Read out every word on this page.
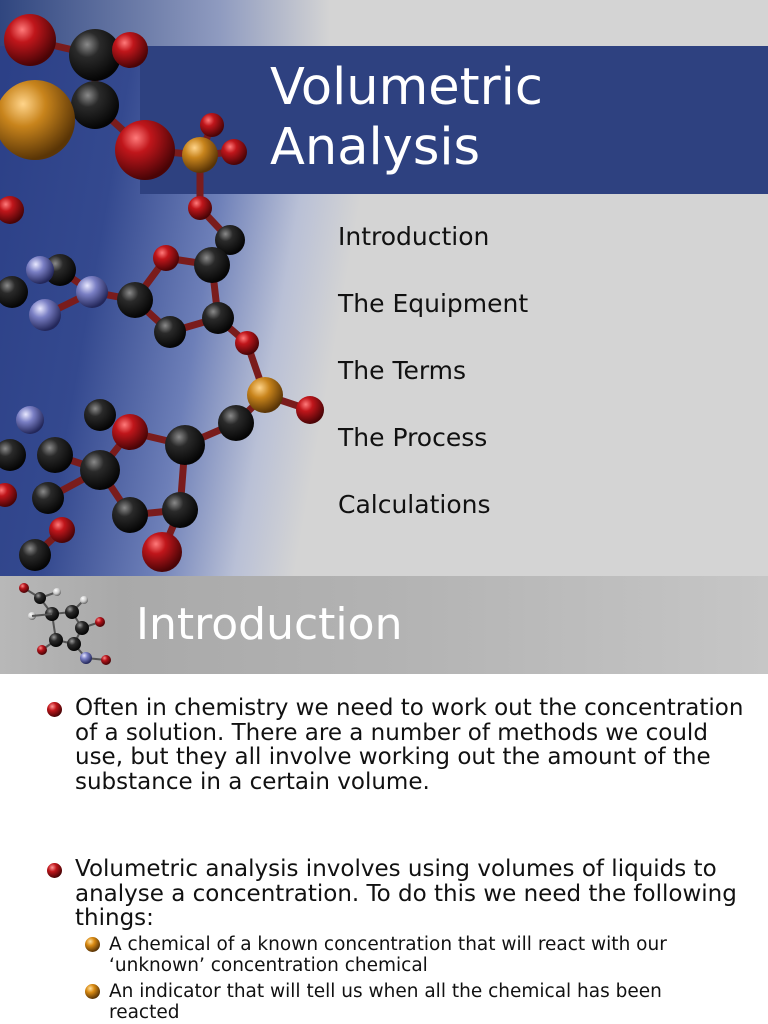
Volumetric
Analysis
Introduction
The Equipment
The Terms
The Process
Calculations
Introduction
Often in chemistry we need to work out the concentration of a solution. There are a number of methods we could use, but they all involve working out the amount of the substance in a certain volume.
Volumetric analysis involves using volumes of liquids to analyse a concentration. To do this we need the following things:
A chemical of a known concentration that will react with our ‘unknown’ concentration chemical
An indicator that will tell us when all the chemical has been reacted
